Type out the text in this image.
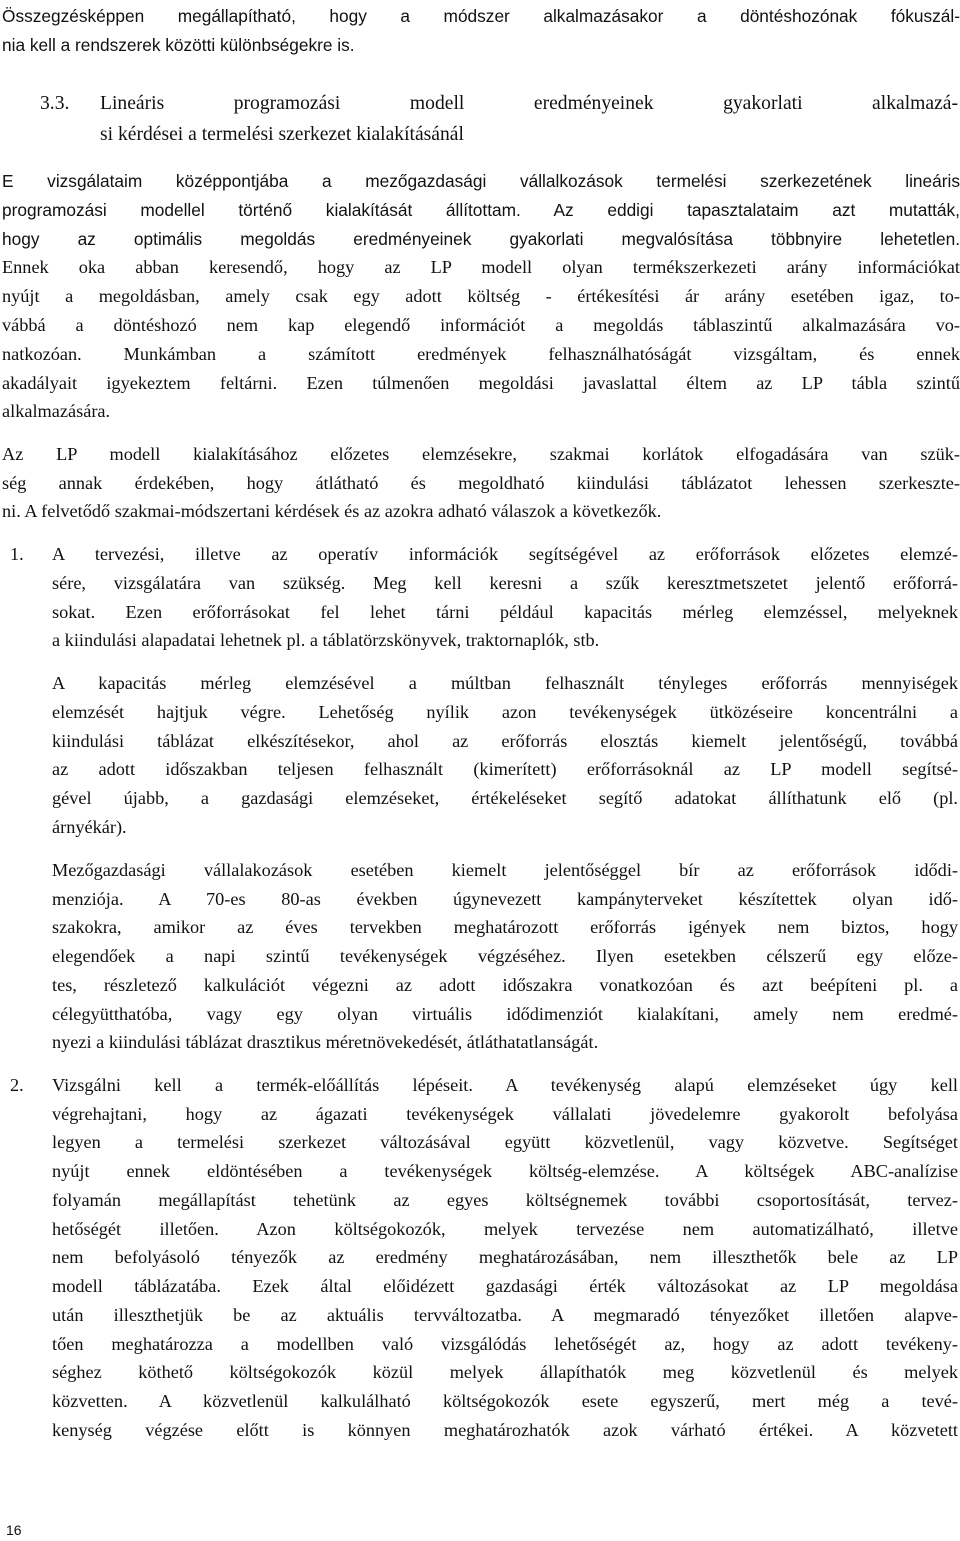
Összegzésképpen megállapítható, hogy a módszer alkalmazásakor a döntéshozónak fókuszál-
nia kell a rendszerek közötti különbségekre is.
3.3. Lineáris programozási modell eredményeinek gyakorlati alkalmazá-
si kérdései a termelési szerkezet kialakításánál
E vizsgálataim középpontjába a mezőgazdasági vállalkozások termelési szerkezetének lineáris
programozási modellel történő kialakítását állítottam. Az eddigi tapasztalataim azt mutatták,
hogy az optimális megoldás eredményeinek gyakorlati megvalósítása többnyire lehetetlen.
Ennek oka abban keresendő, hogy az LP modell olyan termékszerkezeti arány információkat
nyújt a megoldásban, amely csak egy adott költség - értékesítési ár arány esetében igaz, to-
vábbá a döntéshozó nem kap elegendő információt a megoldás táblaszintű alkalmazására vo-
natkozóan. Munkámban a számított eredmények felhasználhatóságát vizsgáltam, és ennek
akadályait igyekeztem feltárni. Ezen túlmenően megoldási javaslattal éltem az LP tábla szintű
alkalmazására.
Az LP modell kialakításához előzetes elemzésekre, szakmai korlátok elfogadására van szük-
ség annak érdekében, hogy átlátható és megoldható kiindulási táblázatot lehessen szerkeszte-
ni. A felvetődő szakmai-módszertani kérdések és az azokra adható válaszok a következők.
1. A tervezési, illetve az operatív információk segítségével az erőforrások előzetes elemzé-
sére, vizsgálatára van szükség. Meg kell keresni a szűk keresztmetszetet jelentő erőforrá-
sokat. Ezen erőforrásokat fel lehet tárni például kapacitás mérleg elemzéssel, melyeknek
a kiindulási alapadatai lehetnek pl. a táblatörzskönyvek, traktornaplók, stb.
A kapacitás mérleg elemzésével a múltban felhasznált tényleges erőforrás mennyiségek
elemzését hajtjuk végre. Lehetőség nyílik azon tevékenységek ütközéseire koncentrálni a
kiindulási táblázat elkészítésekor, ahol az erőforrás elosztás kiemelt jelentőségű, továbbá
az adott időszakban teljesen felhasznált (kimerített) erőforrásoknál az LP modell segítsé-
gével újabb, a gazdasági elemzéseket, értékeléseket segítő adatokat állíthatunk elő (pl.
árnyékár).
Mezőgazdasági vállalakozások esetében kiemelt jelentőséggel bír az erőforrások idődi-
menziója. A 70-es 80-as években úgynevezett kampányterveket készítettek olyan idő-
szakokra, amikor az éves tervekben meghatározott erőforrás igények nem biztos, hogy
elegendőek a napi szintű tevékenységek végzéséhez. Ilyen esetekben célszerű egy előze-
tes, részletező kalkulációt végezni az adott időszakra vonatkozóan és azt beépíteni pl. a
célegyütthatóba, vagy egy olyan virtuális idődimenziót kialakítani, amely nem eredmé-
nyezi a kiindulási táblázat drasztikus méretnövekedését, átláthatatlanságát.
2. Vizsgálni kell a termék-előállítás lépéseit. A tevékenység alapú elemzéseket úgy kell
végrehajtani, hogy az ágazati tevékenységek vállalati jövedelemre gyakorolt befolyása
legyen a termelési szerkezet változásával együtt közvetlenül, vagy közvetve. Segítséget
nyújt ennek eldöntésében a tevékenységek költség-elemzése. A költségek ABC-analízise
folyamán megállapítást tehetünk az egyes költségnemek további csoportosítását, tervez-
hetőségét illetően. Azon költségokozók, melyek tervezése nem automatizálható, illetve
nem befolyásoló tényezők az eredmény meghatározásában, nem illeszthetők bele az LP
modell táblázatába. Ezek által előidézett gazdasági érték változásokat az LP megoldása
után illeszthetjük be az aktuális tervváltozatba. A megmaradó tényezőket illetően alapve-
tően meghatározza a modellben való vizsgálódás lehetőségét az, hogy az adott tevékeny-
séghez köthető költségokozók közül melyek állapíthatók meg közvetlenül és melyek
közvetten. A közvetlenül kalkulálható költségokozók esete egyszerű, mert még a tevé-
kenység végzése előtt is könnyen meghatározhatók azok várható értékei. A közvetett
16
